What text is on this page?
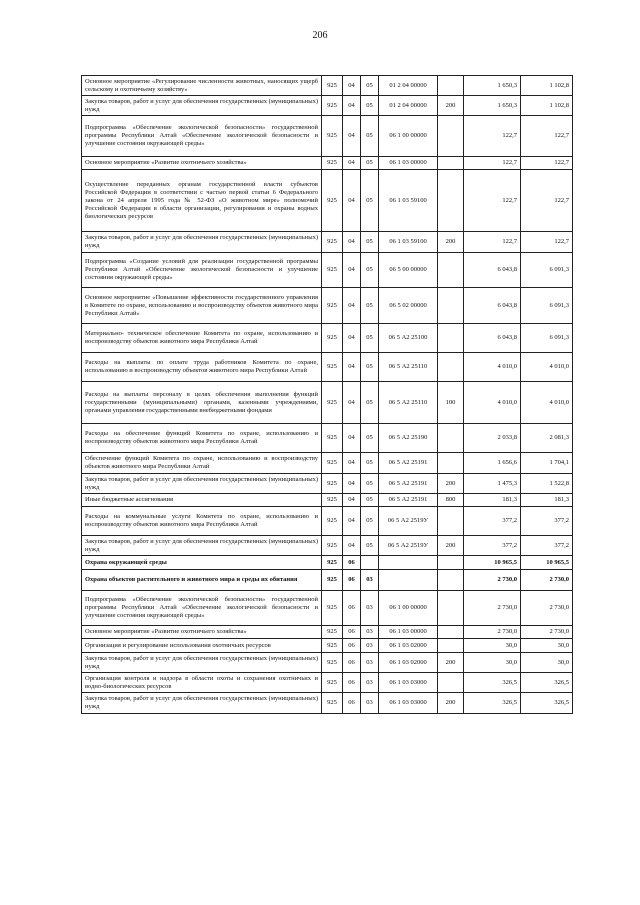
206
Основное мероприятие «Регулирование численности животных, наносящих ущерб сельскому и охотничьему хозяйству»	925	04	05	01 2 04 00000		1 650,3	1 102,8
Закупка товаров, работ и услуг для обеспечения государственных (муниципальных) нужд	925	04	05	01 2 04 00000	200	1 650,3	1 102,8
Подпрограмма «Обеспечение экологической безопасности» государственной программы Республики Алтай «Обеспечение экологической безопасности и улучшение состояния окружающей среды»	925	04	05	06 1 00 00000		122,7	122,7
Основное мероприятие «Развитие охотничьего хозяйства»	925	04	05	06 1 03 00000		122,7	122,7
Осуществление переданных органам государственной власти субъектов Российской Федерации в соответствии с частью первой статьи 6 Федерального закона от 24 апреля 1995 года № 52-ФЗ «О животном мире» полномочий Российской Федерации в области организации, регулирования и охраны водных биологических ресурсов	925	04	05	06 1 03 59100		122,7	122,7
Закупка товаров, работ и услуг для обеспечения государственных (муниципальных) нужд	925	04	05	06 1 03 59100	200	122,7	122,7
Подпрограмма «Создание условий для реализации государственной программы Республики Алтай «Обеспечение экологической безопасности и улучшение состояния окружающей среды»	925	04	05	06 5 00 00000		6 043,8	6 091,3
Основное мероприятие «Повышение эффективности государственного управления в Комитете по охране, использованию и воспроизводству объектов животного мира Республики Алтай»	925	04	05	06 5 02 00000		6 043,8	6 091,3
Материально- техническое обеспечение Комитета по охране, использованию и воспроизводству объектов животного мира Республики Алтай	925	04	05	06 5 А2 25100		6 043,8	6 091,3
Расходы на выплаты по оплате труда работников Комитета по охране, использованию и воспроизводству объектов животного мира Республики Алтай	925	04	05	06 5 А2 25110		4 010,0	4 010,0
Расходы на выплаты персоналу в целях обеспечения выполнения функций государственными (муниципальными) органами, казенными учреждениями, органами управления государственными внебюджетными фондами	925	04	05	06 5 А2 25110	100	4 010,0	4 010,0
Расходы на обеспечение функций Комитета по охране, использованию и воспроизводству объектов животного мира Республики Алтай	925	04	05	06 5 А2 25190		2 033,8	2 081,3
Обеспечение функций Комитета по охране, использованию и воспроизводству объектов животного мира Республики Алтай	925	04	05	06 5 А2 25191		1 656,6	1 704,1
Закупка товаров, работ и услуг для обеспечения государственных (муниципальных) нужд	925	04	05	06 5 А2 25191	200	1 475,3	1 522,8
Иные бюджетные ассигнования	925	04	05	06 5 А2 25191	800	181,3	181,3
Расходы на коммунальные услуги Комитета по охране, использованию и воспроизводству объектов животного мира Республики Алтай	925	04	05	06 5 А2 2519У		377,2	377,2
Закупка товаров, работ и услуг для обеспечения государственных (муниципальных) нужд	925	04	05	06 5 А2 2519У	200	377,2	377,2
Охрана окружающей среды	925	06				10 965,5	10 965,5
Охрана объектов растительного и животного мира и среды их обитания	925	06	03			2 730,0	2 730,0
Подпрограмма «Обеспечение экологической безопасности» государственной программы Республики Алтай «Обеспечение экологической безопасности и улучшение состояния окружающей среды»	925	06	03	06 1 00 00000		2 730,0	2 730,0
Основное мероприятие «Развитие охотничьего хозяйства»	925	06	03	06 1 03 00000		2 730,0	2 730,0
Организация и регулирование использования охотничьих ресурсов	925	06	03	06 1 03 02000		30,0	30,0
Закупка товаров, работ и услуг для обеспечения государственных (муниципальных) нужд	925	06	03	06 1 03 02000	200	30,0	30,0
Организация контроля и надзора в области охоты и сохранения охотничьих и водно-биологических ресурсов	925	06	03	06 1 03 03000		326,5	326,5
Закупка товаров, работ и услуг для обеспечения государственных (муниципальных) нужд	925	06	03	06 1 03 03000	200	326,5	326,5
